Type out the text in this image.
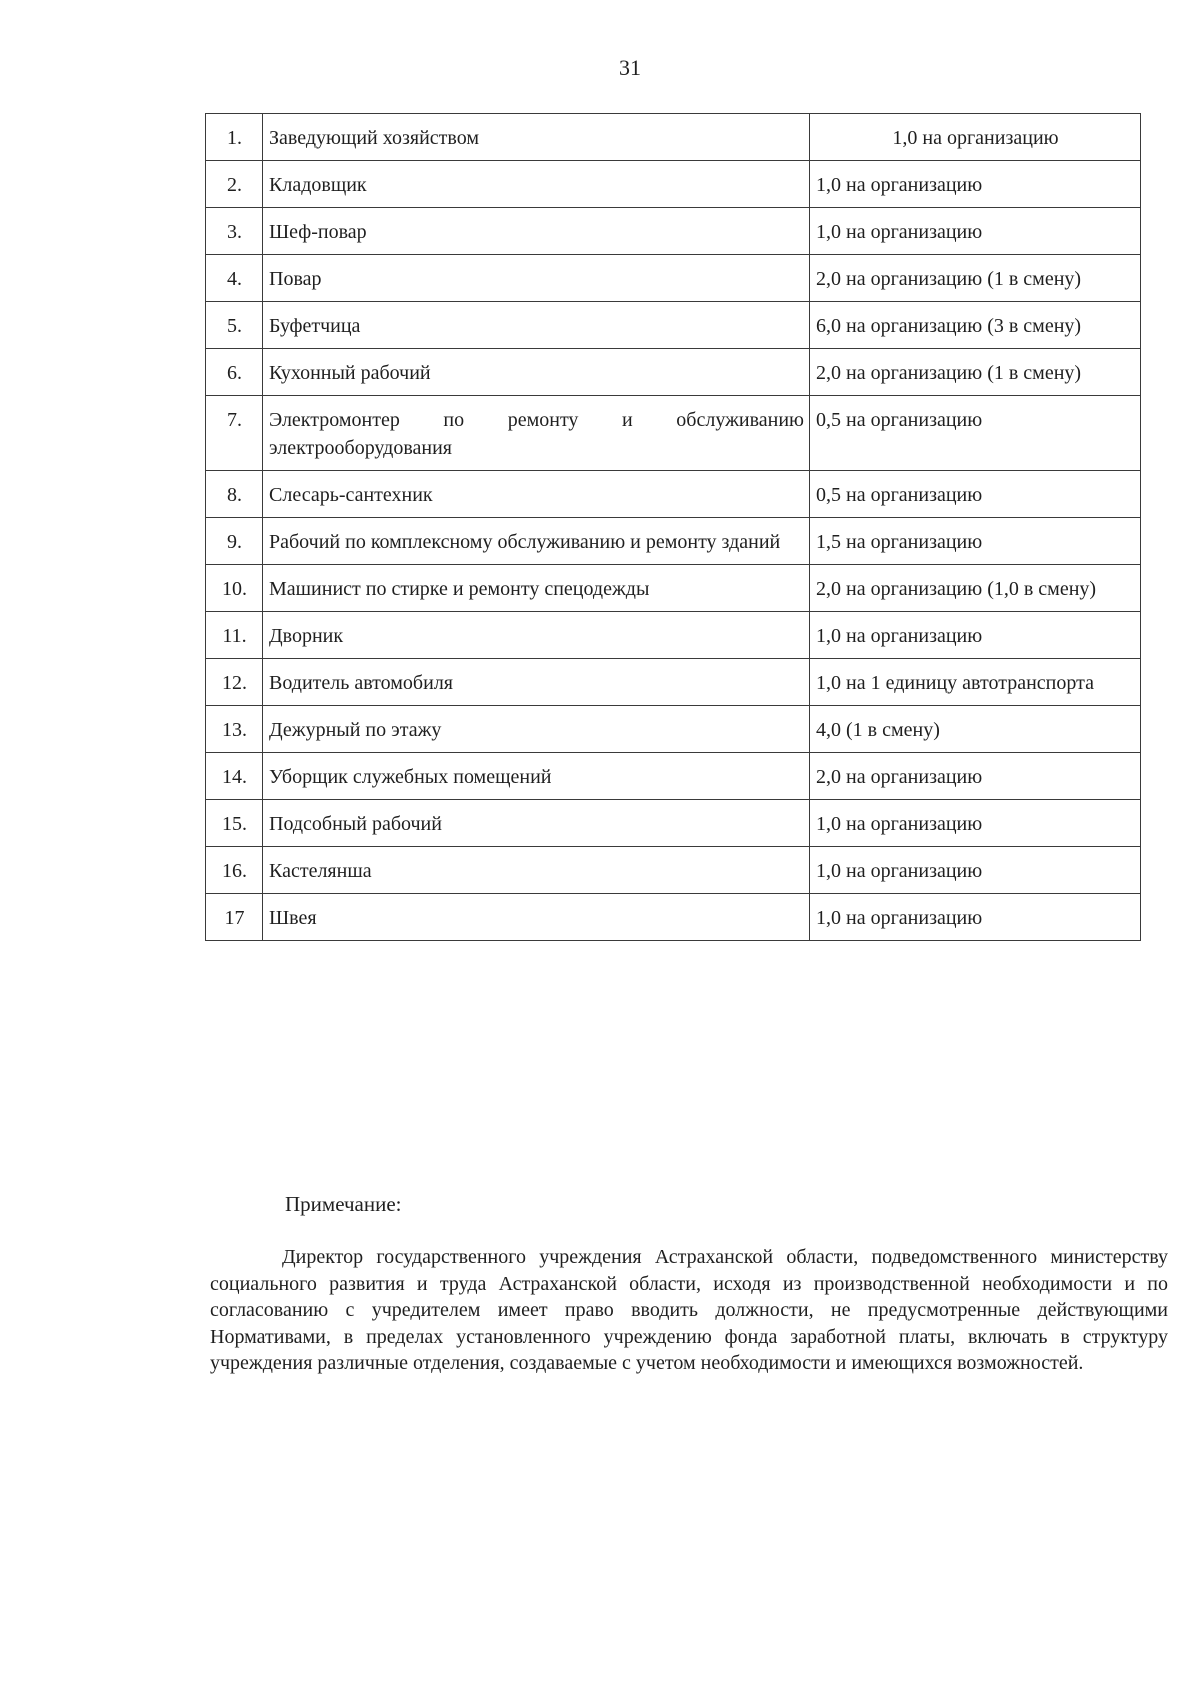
31
1.	Заведующий хозяйством	1,0 на организацию
2.	Кладовщик	1,0 на организацию
3.	Шеф-повар	1,0 на организацию
4.	Повар	2,0 на организацию (1 в смену)
5.	Буфетчица	6,0 на организацию (3 в смену)
6.	Кухонный рабочий	2,0 на организацию (1 в смену)
7.	Электромонтер по ремонту и обслуживанию электрооборудования	0,5 на организацию
8.	Слесарь-сантехник	0,5 на организацию
9.	Рабочий по комплексному обслуживанию и ремонту зданий	1,5 на организацию
10.	Машинист по стирке и ремонту спецодежды	2,0 на организацию (1,0 в смену)
11.	Дворник	1,0 на организацию
12.	Водитель автомобиля	1,0 на 1 единицу автотранспорта
13.	Дежурный по этажу	4,0 (1 в смену)
14.	Уборщик служебных помещений	2,0 на организацию
15.	Подсобный рабочий	1,0 на организацию
16.	Кастелянша	1,0 на организацию
17	Швея	1,0 на организацию
Примечание:
Директор государственного учреждения Астраханской области, подведомственного министерству социального развития и труда Астраханской области, исходя из производственной необходимости и по согласованию с учредителем имеет право вводить должности, не предусмотренные действующими Нормативами, в пределах установленного учреждению фонда заработной платы, включать в структуру учреждения различные отделения, создаваемые с учетом необходимости и имеющихся возможностей.
